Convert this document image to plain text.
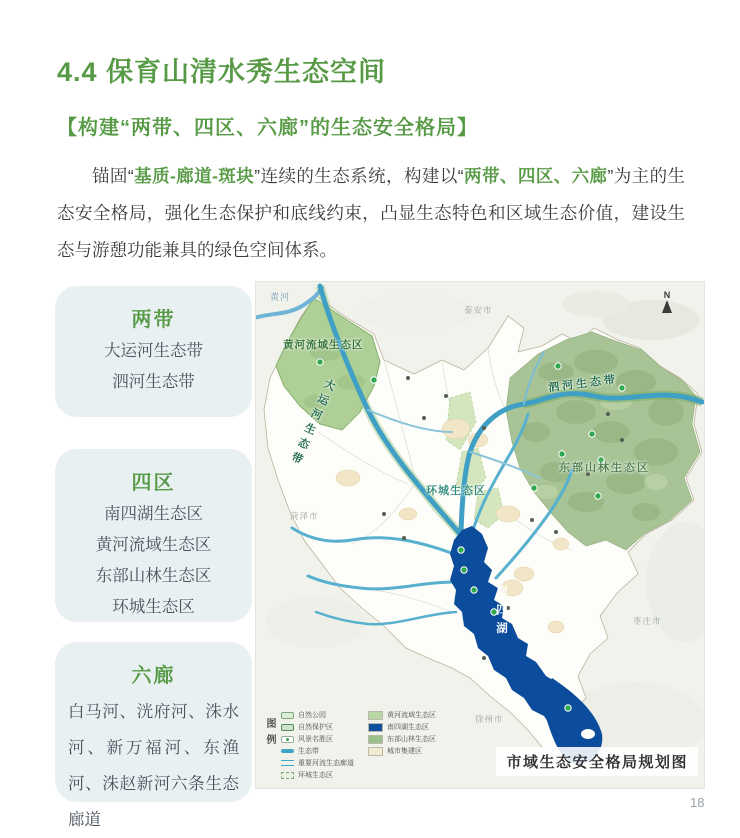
4.4 保育山清水秀生态空间
【构建“两带、四区、六廊”的生态安全格局】

锚固“基质-廊道-斑块”连续的生态系统，构建以“两带、四区、六廊”为主的生态安全格局，强化生态保护和底线约束，凸显生态特色和区域生态价值，建设生态与游憩功能兼具的绿色空间体系。

两带
大运河生态带
泗河生态带
四区
南四湖生态区
黄河流域生态区
东部山林生态区
环城生态区
六廊
白马河、洸府河、洙水河、新万福河、东渔河、洙赵新河六条生态廊道
黄河
黄河流域生态区
大运河生态带	泗河生态带
东部山林生态区
环城生态区
南四湖
泰安市
菏泽市
枣庄市
徐州市
N
图例
自然公园
自然保护区
风景名胜区
生态带
重要河流生态廊道
环城生态区
黄河流域生态区
南四湖生态区
东部山林生态区
城市集建区
市域生态安全格局规划图
18
